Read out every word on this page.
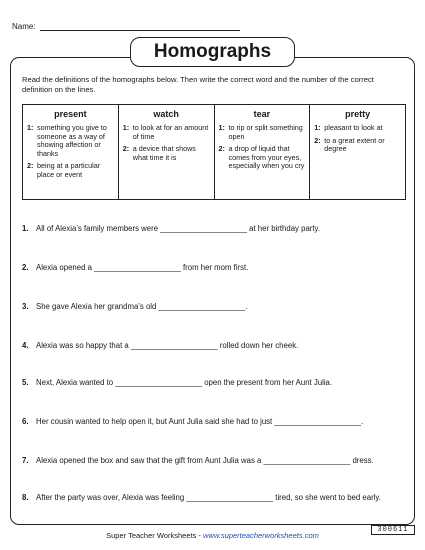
Name:
Homographs
Read the definitions of the homographs below. Then write the correct word and the number of the correct definition on the lines.
present
1: something you give to someone as a way of showing affection or thanks
2: being at a particular place or event
watch
1: to look at for an amount of time
2: a device that shows what time it is
tear
1: to rip or split something open
2: a drop of liquid that comes from your eyes, especially when you cry
pretty
1: pleasant to look at
2: to a great extent or degree
1. All of Alexia’s family members were ____________________ at her birthday party.
2. Alexia opened a ____________________ from her mom first.
3. She gave Alexia her grandma’s old ____________________.
4. Alexia was so happy that a ____________________ rolled down her cheek.
5. Next, Alexia wanted to ____________________ open the present from her Aunt Julia.
6. Her cousin wanted to help open it, but Aunt Julia said she had to just ____________________.
7. Alexia opened the box and saw that the gift from Aunt Julia was a ____________________ dress.
8. After the party was over, Alexia was feeling ____________________ tired, so she went to bed early.
300611
Super Teacher Worksheets - www.superteacherworksheets.com
